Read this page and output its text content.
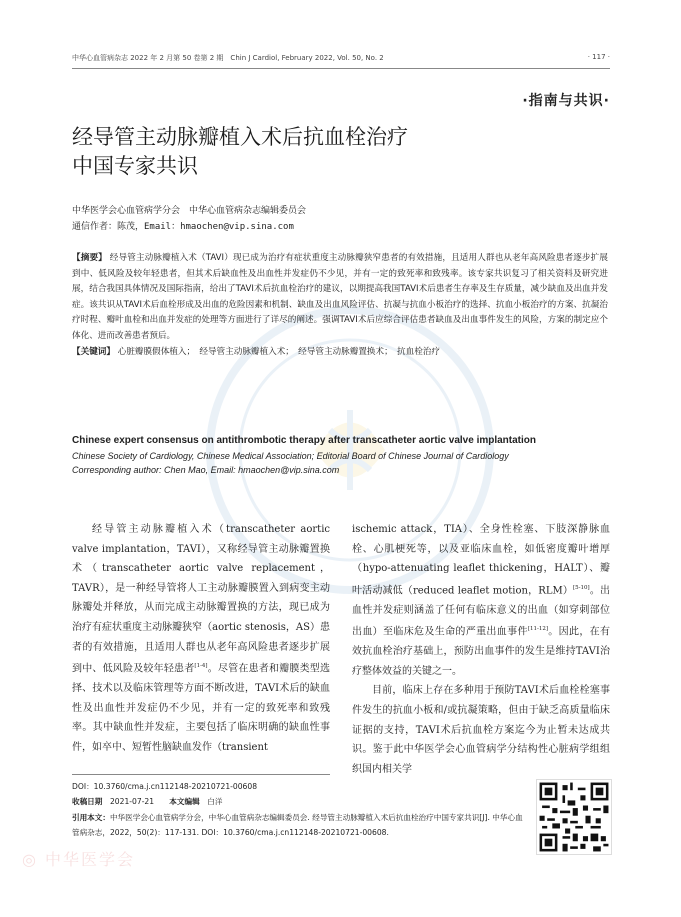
中华心血管病杂志 2022 年 2 月第 50 卷第 2 期　Chin J Cardiol, February 2022, Vol. 50, No. 2	· 117 ·
·指南与共识·
经导管主动脉瓣植入术后抗血栓治疗
中国专家共识
中华医学会心血管病学分会　中华心血管病杂志编辑委员会
通信作者：陈茂，Email：hmaochen@vip.sina.com
【摘要】 经导管主动脉瓣植入术（TAVI）现已成为治疗有症状重度主动脉瓣狭窄患者的有效措施，且适用人群也从老年高风险患者逐步扩展到中、低风险及较年轻患者，但其术后缺血性及出血性并发症仍不少见，并有一定的致死率和致残率。该专家共识复习了相关资料及研究进展，结合我国具体情况及国际指南，给出了TAVI术后抗血栓治疗的建议，以期提高我国TAVI术后患者生存率及生存质量，减少缺血及出血并发症。该共识从TAVI术后血栓形成及出血的危险因素和机制、缺血及出血风险评估、抗凝与抗血小板治疗的选择、抗血小板治疗的方案、抗凝治疗时程、瓣叶血栓和出血并发症的处理等方面进行了详尽的阐述。强调TAVI术后应综合评估患者缺血及出血事件发生的风险，方案的制定应个体化、进而改善患者预后。
【关键词】 心脏瓣膜假体植入；　经导管主动脉瓣植入术；　经导管主动脉瓣置换术；　抗血栓治疗
Chinese expert consensus on antithrombotic therapy after transcatheter aortic valve implantation
Chinese Society of Cardiology, Chinese Medical Association; Editorial Board of Chinese Journal of Cardiology
Corresponding author: Chen Mao, Email: hmaochen@vip.sina.com

经导管主动脉瓣植入术（transcatheter aortic valve implantation，TAVI），又称经导管主动脉瓣置换术（transcatheter aortic valve replacement，TAVR），是一种经导管将人工主动脉瓣膜置入到病变主动脉瓣处并释放，从而完成主动脉瓣置换的方法，现已成为治疗有症状重度主动脉瓣狭窄（aortic stenosis，AS）患者的有效措施，且适用人群也从老年高风险患者逐步扩展到中、低风险及较年轻患者[1-4]。尽管在患者和瓣膜类型选择、技术以及临床管理等方面不断改进，TAVI术后的缺血性及出血性并发症仍不少见，并有一定的致死率和致残率。其中缺血性并发症，主要包括了临床明确的缺血性事件，如卒中、短暂性脑缺血发作（transient

ischemic attack，TIA）、全身性栓塞、下肢深静脉血栓、心肌梗死等，以及亚临床血栓，如低密度瓣叶增厚（hypo-attenuating leaflet thickening，HALT）、瓣叶活动减低（reduced leaflet motion，RLM）[5-10]。出血性并发症则涵盖了任何有临床意义的出血（如穿刺部位出血）至临床危及生命的严重出血事件[11-12]。因此，在有效抗血栓治疗基础上，预防出血事件的发生是维持TAVI治疗整体效益的关键之一。

目前，临床上存在多种用于预防TAVI术后血栓栓塞事件发生的抗血小板和/或抗凝策略，但由于缺乏高质量临床证据的支持，TAVI术后抗血栓方案迄今为止暂未达成共识。鉴于此中华医学会心血管病学分结构性心脏病学组组织国内相关学

DOI：10.3760/cma.j.cn112148-20210721-00608
收稿日期　 2021-07-21　　 本文编辑　 白洋
引用本文：中华医学会心血管病学分会，中华心血管病杂志编辑委员会. 经导管主动脉瓣植入术后抗血栓治疗中国专家共识[J]. 中华心血管病杂志，2022，50(2)：117-131. DOI：10.3760/cma.j.cn112148-20210721-00608.
◎ 中华医学会
